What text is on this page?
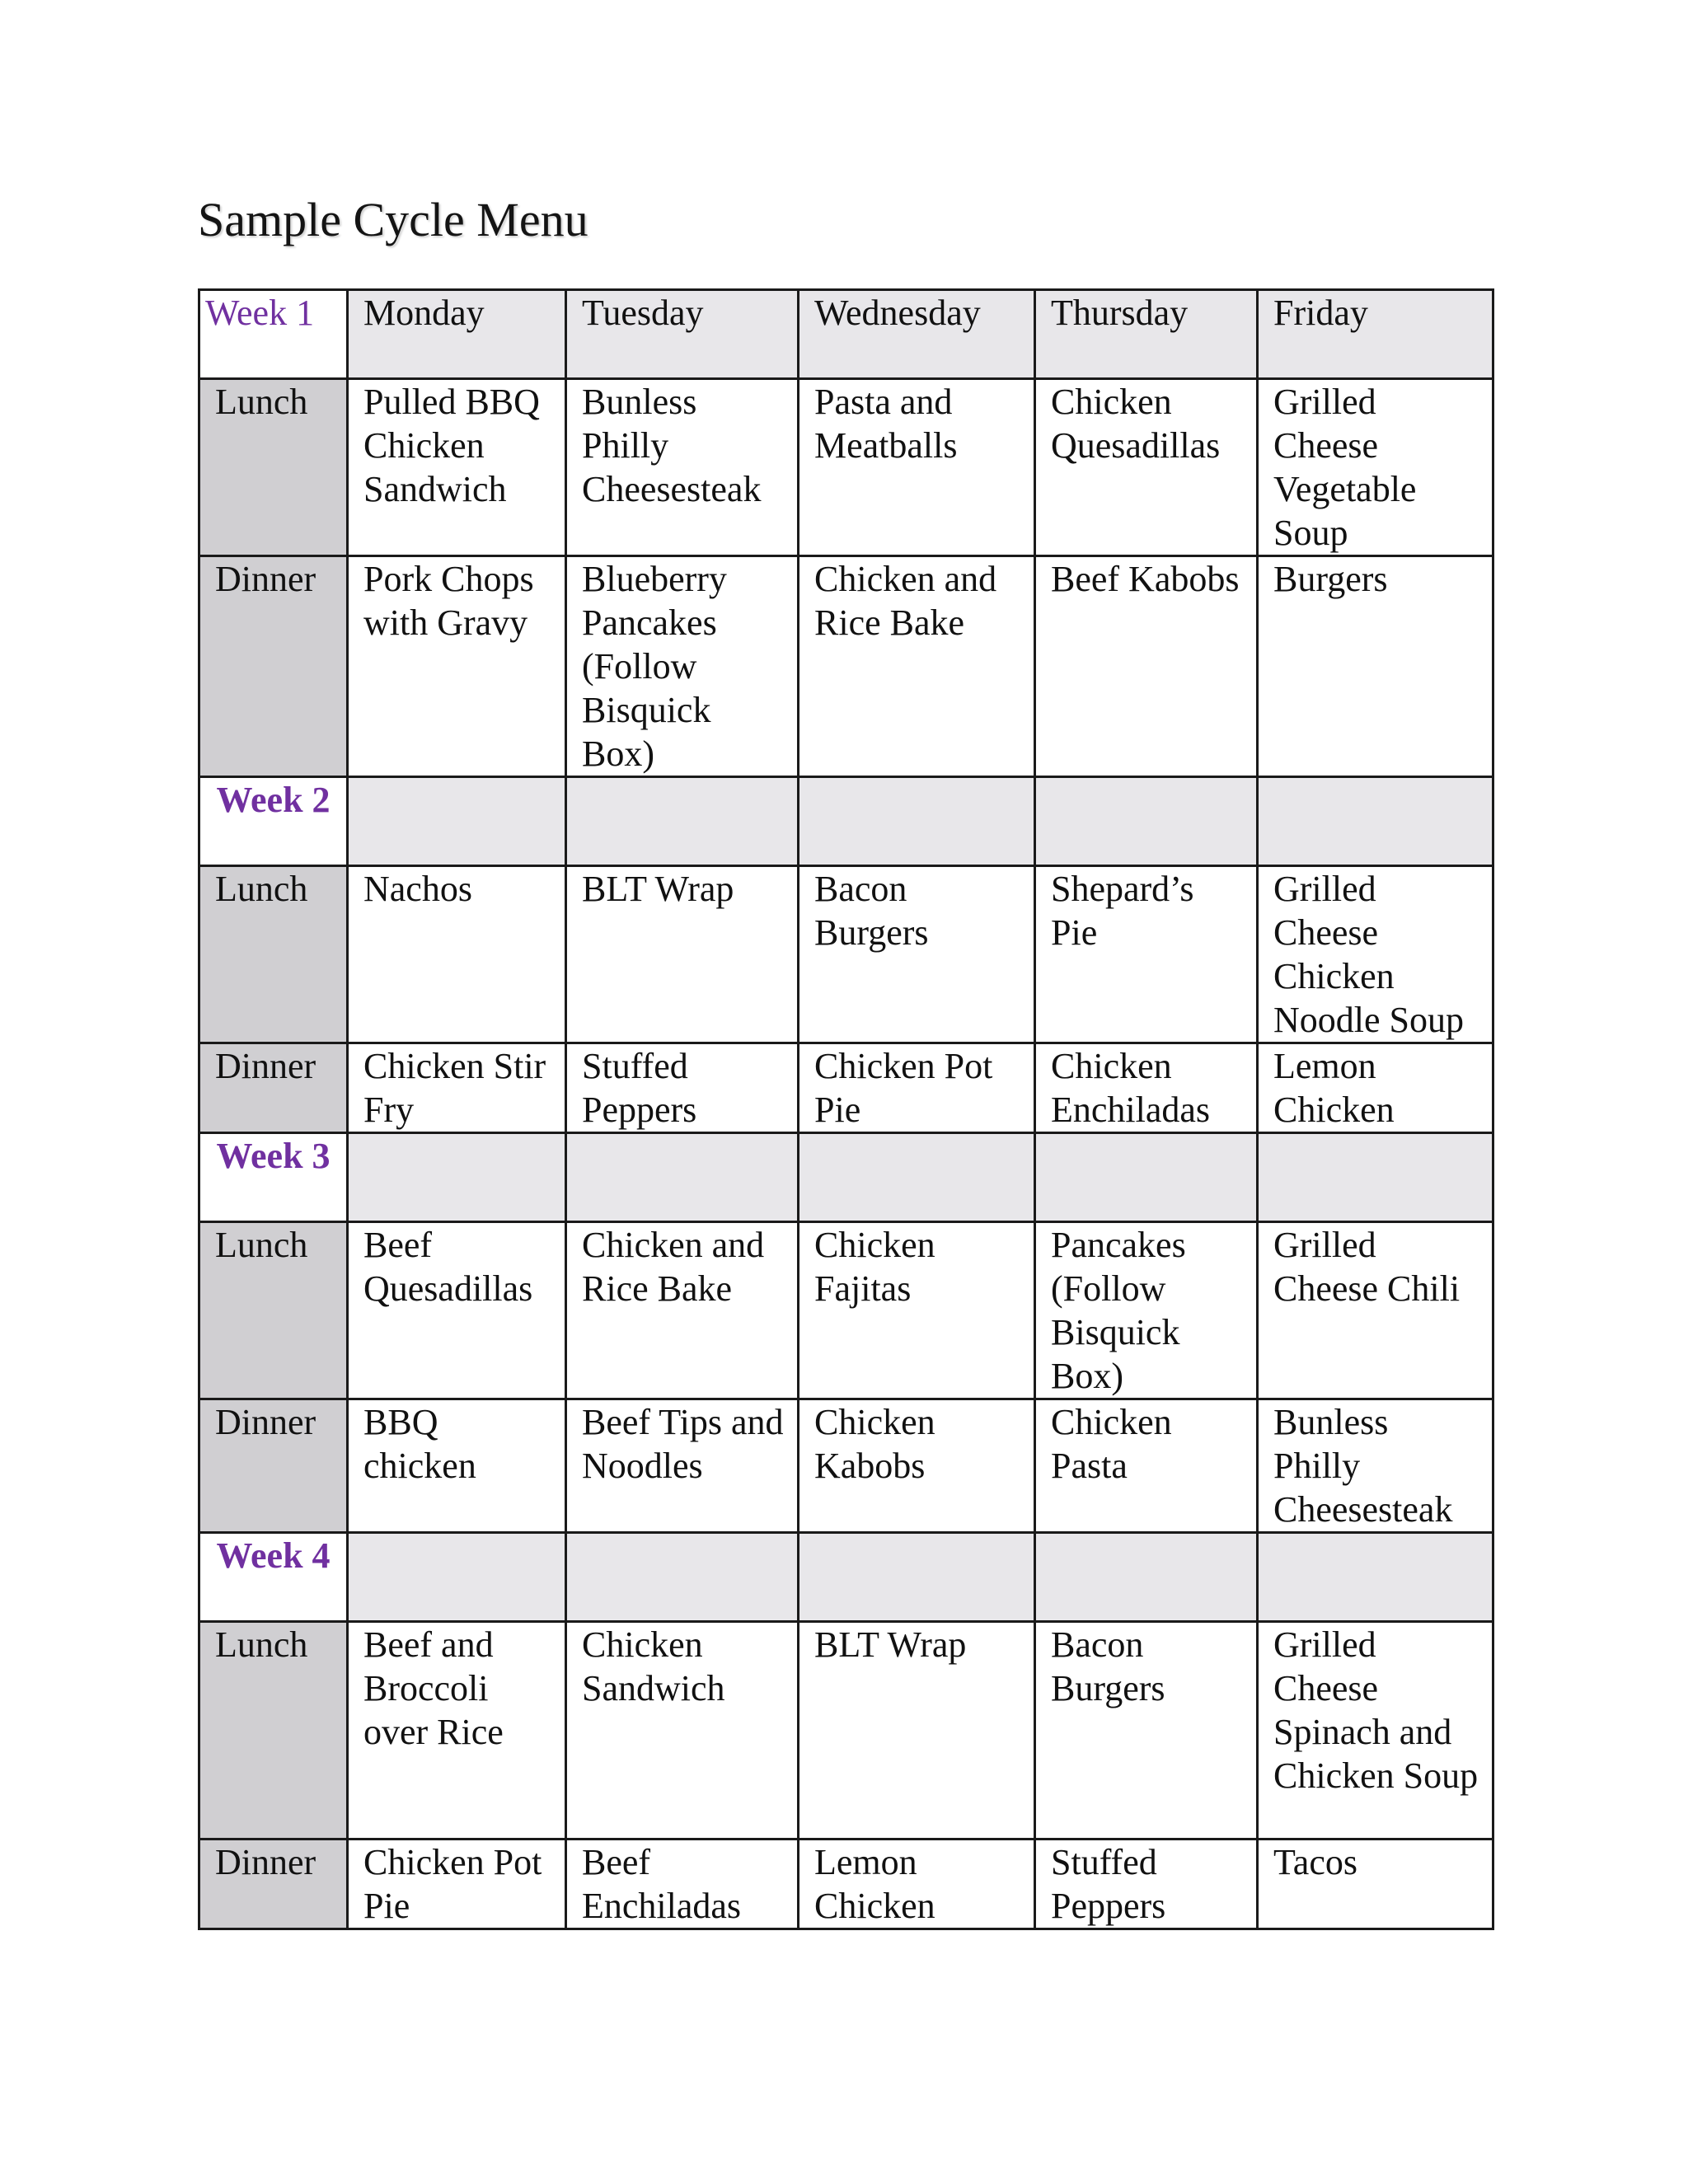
Sample Cycle Menu
Week 1	Monday	Tuesday	Wednesday	Thursday	Friday
Lunch	Pulled BBQ Chicken Sandwich	Bunless Philly Cheesesteak	Pasta and Meatballs	Chicken Quesadillas	Grilled Cheese Vegetable Soup
Dinner	Pork Chops with Gravy	Blueberry Pancakes (Follow Bisquick Box)	Chicken and Rice Bake	Beef Kabobs	Burgers
Week 2					
Lunch	Nachos	BLT Wrap	Bacon Burgers	Shepard’s Pie	Grilled Cheese Chicken Noodle Soup
Dinner	Chicken Stir Fry	Stuffed Peppers	Chicken Pot Pie	Chicken Enchiladas	Lemon Chicken
Week 3					
Lunch	Beef Quesadillas	Chicken and Rice Bake	Chicken Fajitas	Pancakes (Follow Bisquick Box)	Grilled Cheese Chili
Dinner	BBQ chicken	Beef Tips and Noodles	Chicken Kabobs	Chicken Pasta	Bunless Philly Cheesesteak
Week 4					
Lunch	Beef and Broccoli over Rice	Chicken Sandwich	BLT Wrap	Bacon Burgers	Grilled Cheese Spinach and Chicken Soup
Dinner	Chicken Pot Pie	Beef Enchiladas	Lemon Chicken	Stuffed Peppers	Tacos
